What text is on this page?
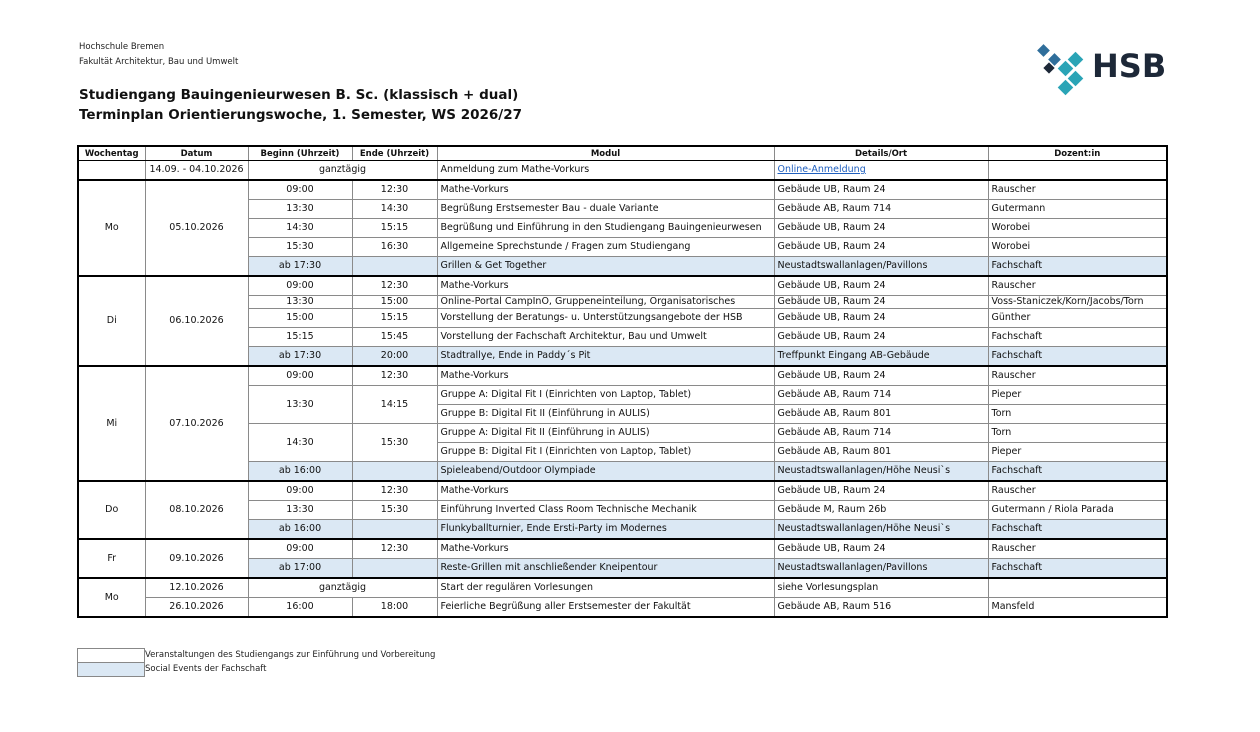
Hochschule Bremen
Fakultät Architektur, Bau und Umwelt
Studiengang Bauingenieurwesen B. Sc. (klassisch + dual)
Terminplan Orientierungswoche, 1. Semester, WS 2026/27
HSB
Wochentag	Datum	Beginn (Uhrzeit)	Ende (Uhrzeit)	Modul	Details/Ort	Dozent:in
	14.09. - 04.10.2026	ganztägig		Anmeldung zum Mathe-Vorkurs	Online-Anmeldung	
Mo	05.10.2026	09:00	12:30	Mathe-Vorkurs	Gebäude UB, Raum 24	Rauscher
		13:30	14:30	Begrüßung Erstsemester Bau - duale Variante	Gebäude AB, Raum 714	Gutermann
		14:30	15:15	Begrüßung und Einführung in den Studiengang Bauingenieurwesen	Gebäude UB, Raum 24	Worobei
		15:30	16:30	Allgemeine Sprechstunde / Fragen zum Studiengang	Gebäude UB, Raum 24	Worobei
		ab 17:30		Grillen & Get Together	Neustadtswallanlagen/Pavillons	Fachschaft
Di	06.10.2026	09:00	12:30	Mathe-Vorkurs	Gebäude UB, Raum 24	Rauscher
		13:30	15:00	Online-Portal CampInO, Gruppeneinteilung, Organisatorisches	Gebäude UB, Raum 24	Voss-Staniczek/Korn/Jacobs/Torn
		15:00	15:15	Vorstellung der Beratungs- u. Unterstützungsangebote der HSB	Gebäude UB, Raum 24	Günther
		15:15	15:45	Vorstellung der Fachschaft Architektur, Bau und Umwelt	Gebäude UB, Raum 24	Fachschaft
		ab 17:30	20:00	Stadtrallye, Ende in Paddy´s Pit	Treffpunkt Eingang AB-Gebäude	Fachschaft
Mi	07.10.2026	09:00	12:30	Mathe-Vorkurs	Gebäude UB, Raum 24	Rauscher
		13:30	14:15	Gruppe A: Digital Fit I (Einrichten von Laptop, Tablet)	Gebäude AB, Raum 714	Pieper
				Gruppe B: Digital Fit II (Einführung in AULIS)	Gebäude AB, Raum 801	Torn
		14:30	15:30	Gruppe A: Digital Fit II (Einführung in AULIS)	Gebäude AB, Raum 714	Torn
				Gruppe B: Digital Fit I (Einrichten von Laptop, Tablet)	Gebäude AB, Raum 801	Pieper
		ab 16:00		Spieleabend/Outdoor Olympiade	Neustadtswallanlagen/Höhe Neusi`s	Fachschaft
Do	08.10.2026	09:00	12:30	Mathe-Vorkurs	Gebäude UB, Raum 24	Rauscher
		13:30	15:30	Einführung Inverted Class Room Technische Mechanik	Gebäude M, Raum 26b	Gutermann / Riola Parada
		ab 16:00		Flunkyballturnier, Ende Ersti-Party im Modernes	Neustadtswallanlagen/Höhe Neusi`s	Fachschaft
Fr	09.10.2026	09:00	12:30	Mathe-Vorkurs	Gebäude UB, Raum 24	Rauscher
		ab 17:00		Reste-Grillen mit anschließender Kneipentour	Neustadtswallanlagen/Pavillons	Fachschaft
Mo	12.10.2026	ganztägig		Start der regulären Vorlesungen	siehe Vorlesungsplan	
	26.10.2026	16:00	18:00	Feierliche Begrüßung aller Erstsemester der Fakultät	Gebäude AB, Raum 516	Mansfeld
Veranstaltungen des Studiengangs zur Einführung und Vorbereitung
Social Events der Fachschaft
